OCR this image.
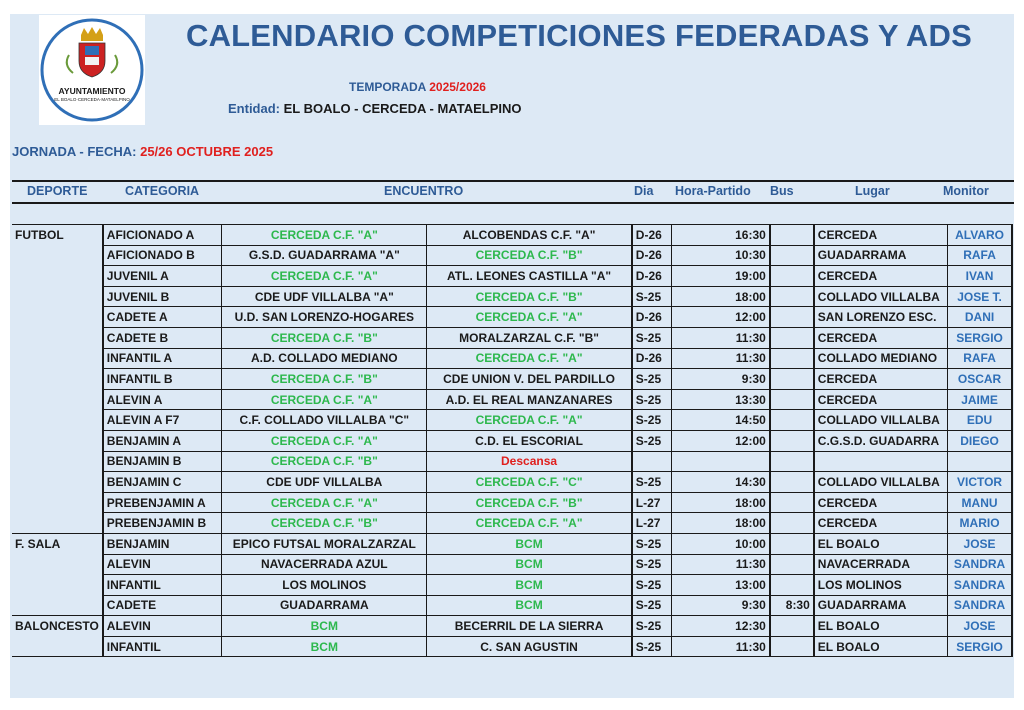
AYUNTAMIENTO
EL BOALO·CERCEDA·MATAELPINO
CALENDARIO COMPETICIONES FEDERADAS Y ADS
TEMPORADA 2025/2026
Entidad: EL BOALO - CERCEDA - MATAELPINO
JORNADA - FECHA: 25/26 OCTUBRE 2025
DEPORTE	CATEGORIA	ENCUENTRO	Dia Hora-Partido Bus	Lugar	Monitor
FUTBOL	AFICIONADO A	CERCEDA C.F. "A"	ALCOBENDAS C.F. "A"	D-26	16:30		CERCEDA	ALVARO
	AFICIONADO B	G.S.D. GUADARRAMA "A"	CERCEDA C.F. "B"	D-26	10:30		GUADARRAMA	RAFA
	JUVENIL A	CERCEDA C.F. "A"	ATL. LEONES CASTILLA "A"	D-26	19:00		CERCEDA	IVAN
	JUVENIL B	CDE UDF VILLALBA "A"	CERCEDA C.F. "B"	S-25	18:00		COLLADO VILLALBA	JOSE T.
	CADETE A	U.D. SAN LORENZO-HOGARES	CERCEDA C.F. "A"	D-26	12:00		SAN LORENZO ESC.	DANI
	CADETE B	CERCEDA C.F. "B"	MORALZARZAL C.F. "B"	S-25	11:30		CERCEDA	SERGIO
	INFANTIL A	A.D. COLLADO MEDIANO	CERCEDA C.F. "A"	D-26	11:30		COLLADO MEDIANO	RAFA
	INFANTIL B	CERCEDA C.F. "B"	CDE UNION V. DEL PARDILLO	S-25	9:30		CERCEDA	OSCAR
	ALEVIN A	CERCEDA C.F. "A"	A.D. EL REAL MANZANARES	S-25	13:30		CERCEDA	JAIME
	ALEVIN A F7	C.F. COLLADO VILLALBA "C"	CERCEDA C.F. "A"	S-25	14:50		COLLADO VILLALBA	EDU
	BENJAMIN A	CERCEDA C.F. "A"	C.D. EL ESCORIAL	S-25	12:00		C.G.S.D. GUADARRA	DIEGO
	BENJAMIN B	CERCEDA C.F. "B"	Descansa					
	BENJAMIN C	CDE UDF VILLALBA	CERCEDA C.F. "C"	S-25	14:30		COLLADO VILLALBA	VICTOR
	PREBENJAMIN A	CERCEDA C.F. "A"	CERCEDA C.F. "B"	L-27	18:00		CERCEDA	MANU
	PREBENJAMIN B	CERCEDA C.F. "B"	CERCEDA C.F. "A"	L-27	18:00		CERCEDA	MARIO
F. SALA	BENJAMIN	EPICO FUTSAL MORALZARZAL	BCM	S-25	10:00		EL BOALO	JOSE
	ALEVIN	NAVACERRADA AZUL	BCM	S-25	11:30		NAVACERRADA	SANDRA
	INFANTIL	LOS MOLINOS	BCM	S-25	13:00		LOS MOLINOS	SANDRA
	CADETE	GUADARRAMA	BCM	S-25	9:30	8:30	GUADARRAMA	SANDRA
BALONCESTO	ALEVIN	BCM	BECERRIL DE LA SIERRA	S-25	12:30		EL BOALO	JOSE
	INFANTIL	BCM	C. SAN AGUSTIN	S-25	11:30		EL BOALO	SERGIO
